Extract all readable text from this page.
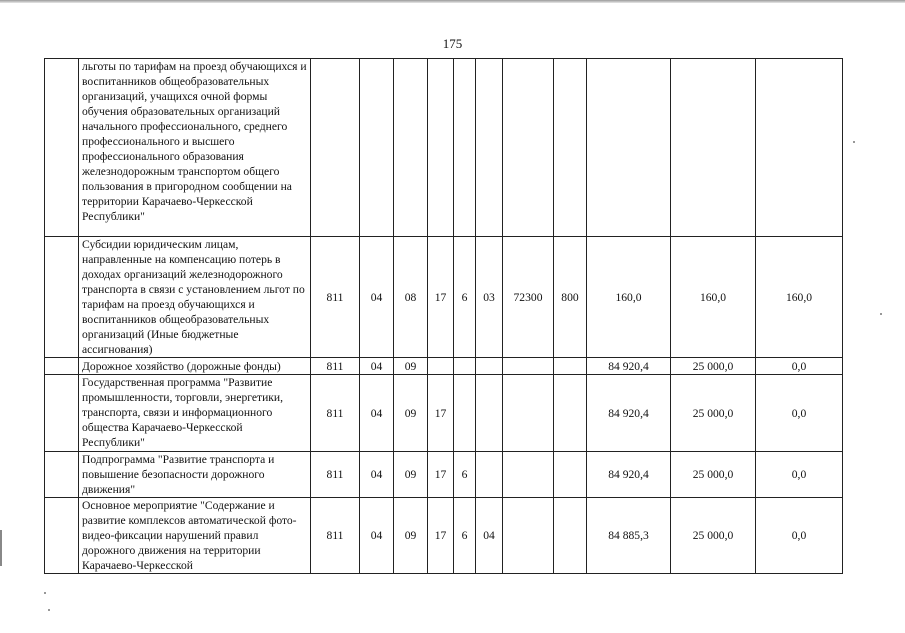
175
	льготы по тарифам на проезд обучающихся и воспитанников общеобразовательных организаций, учащихся очной формы обучения образовательных организаций начального профессионального, среднего профессионального и высшего профессионального образования железнодорожным транспортом общего пользования в пригородном сообщении на территории Карачаево-Черкесской Республики"											
	Субсидии юридическим лицам, направленные на компенсацию потерь в доходах организаций железнодорожного транспорта в связи с установлением льгот по тарифам на проезд обучающихся и воспитанников общеобразовательных организаций (Иные бюджетные ассигнования)	811	04	08	17	6	03	72300	800	160,0	160,0	160,0
	Дорожное хозяйство (дорожные фонды)	811	04	09						84 920,4	25 000,0	0,0
	Государственная программа "Развитие промышленности, торговли, энергетики, транспорта, связи и информационного общества Карачаево-Черкесской Республики"	811	04	09	17					84 920,4	25 000,0	0,0
	Подпрограмма "Развитие транспорта и повышение безопасности дорожного движения"	811	04	09	17	6				84 920,4	25 000,0	0,0
	Основное мероприятие "Содержание и развитие комплексов автоматической фото-видео-фиксации нарушений правил дорожного движения на территории Карачаево-Черкесской	811	04	09	17	6	04			84 885,3	25 000,0	0,0
